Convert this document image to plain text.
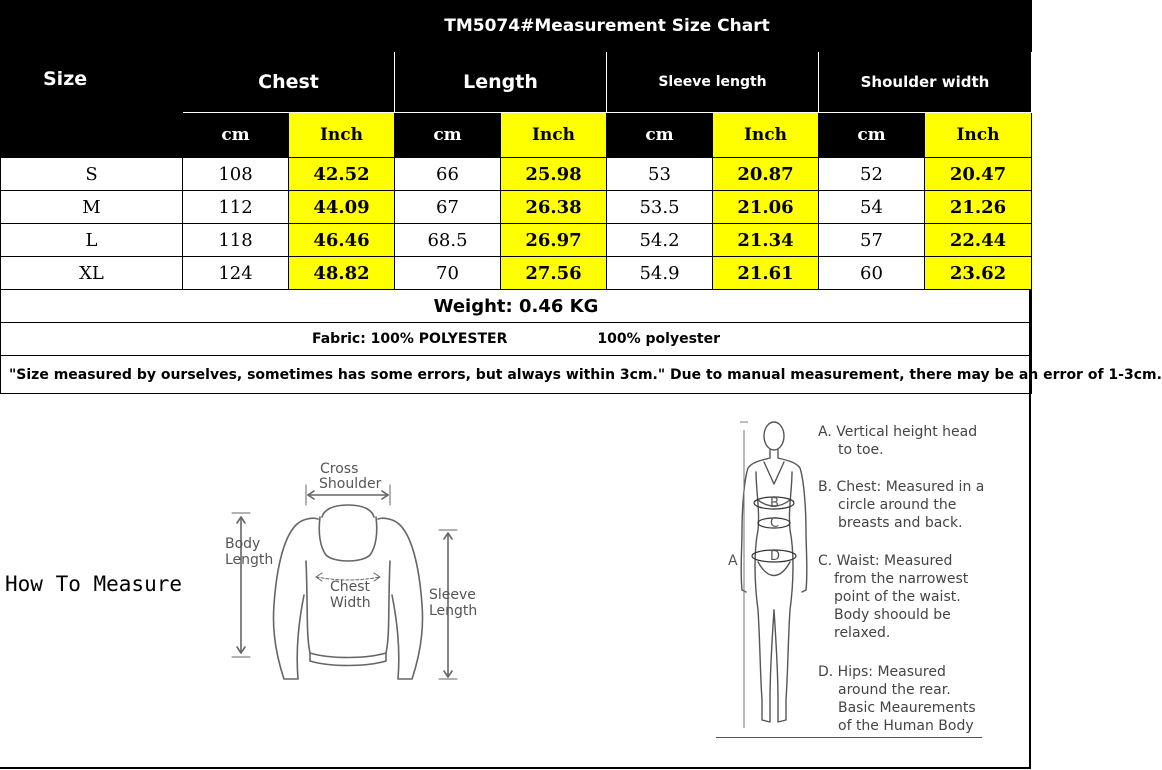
Size	TM5074#Measurement Size Chart							
	Chest		Length		Sleeve length		Shoulder width	
	cm	Inch	cm	Inch	cm	Inch	cm	Inch
S	108	42.52	66	25.98	53	20.87	52	20.47
M	112	44.09	67	26.38	53.5	21.06	54	21.26
L	118	46.46	68.5	26.97	54.2	21.34	57	22.44
XL	124	48.82	70	27.56	54.9	21.61	60	23.62
Weight: 0.46 KG								
Fabric: 100% POLYESTER 100% polyester								
"Size measured by ourselves, sometimes has some errors, but always within 3cm." Due to manual measurement, there may be an error of 1-3cm.								
How To Measure
Cross
Shoulder
Body
Length
Chest
Width	Sleeve
Length
B
C
D
A
A. Vertical height head
to toe.
B. Chest: Measured in a
circle around the
breasts and back.
C. Waist: Measured
from the narrowest
point of the waist.
Body shoould be
relaxed.
D. Hips: Measured
around the rear.
Basic Meaurements
of the Human Body
